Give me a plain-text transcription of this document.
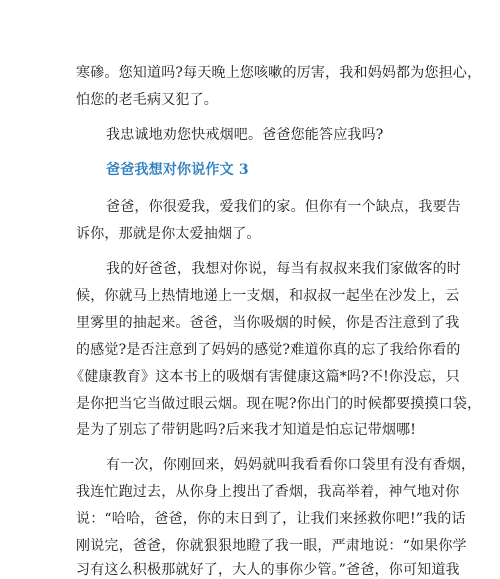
寒碜。您知道吗?每天晚上您咳嗽的厉害，我和妈妈都为您担心，
怕您的老毛病又犯了。
我忠诚地劝您快戒烟吧。爸爸您能答应我吗?
爸爸我想对你说作文 3
爸爸，你很爱我，爱我们的家。但你有一个缺点，我要告
诉你，那就是你太爱抽烟了。
我的好爸爸，我想对你说，每当有叔叔来我们家做客的时
候，你就马上热情地递上一支烟，和叔叔一起坐在沙发上，云
里雾里的抽起来。爸爸，当你吸烟的时候，你是否注意到了我
的感觉?是否注意到了妈妈的感觉?难道你真的忘了我给你看的
《健康教育》这本书上的吸烟有害健康这篇*吗?不!你没忘，只
是你把当它当做过眼云烟。现在呢?你出门的时候都要摸摸口袋，
是为了别忘了带钥匙吗?后来我才知道是怕忘记带烟哪!
有一次，你刚回来，妈妈就叫我看看你口袋里有没有香烟，
我连忙跑过去，从你身上搜出了香烟，我高举着，神气地对你
说：“哈哈，爸爸，你的末日到了，让我们来拯救你吧!”我的话
刚说完，爸爸，你就狠狠地瞪了我一眼，严肃地说：“如果你学
习有这么积极那就好了，大人的事你少管。”爸爸，你可知道我
